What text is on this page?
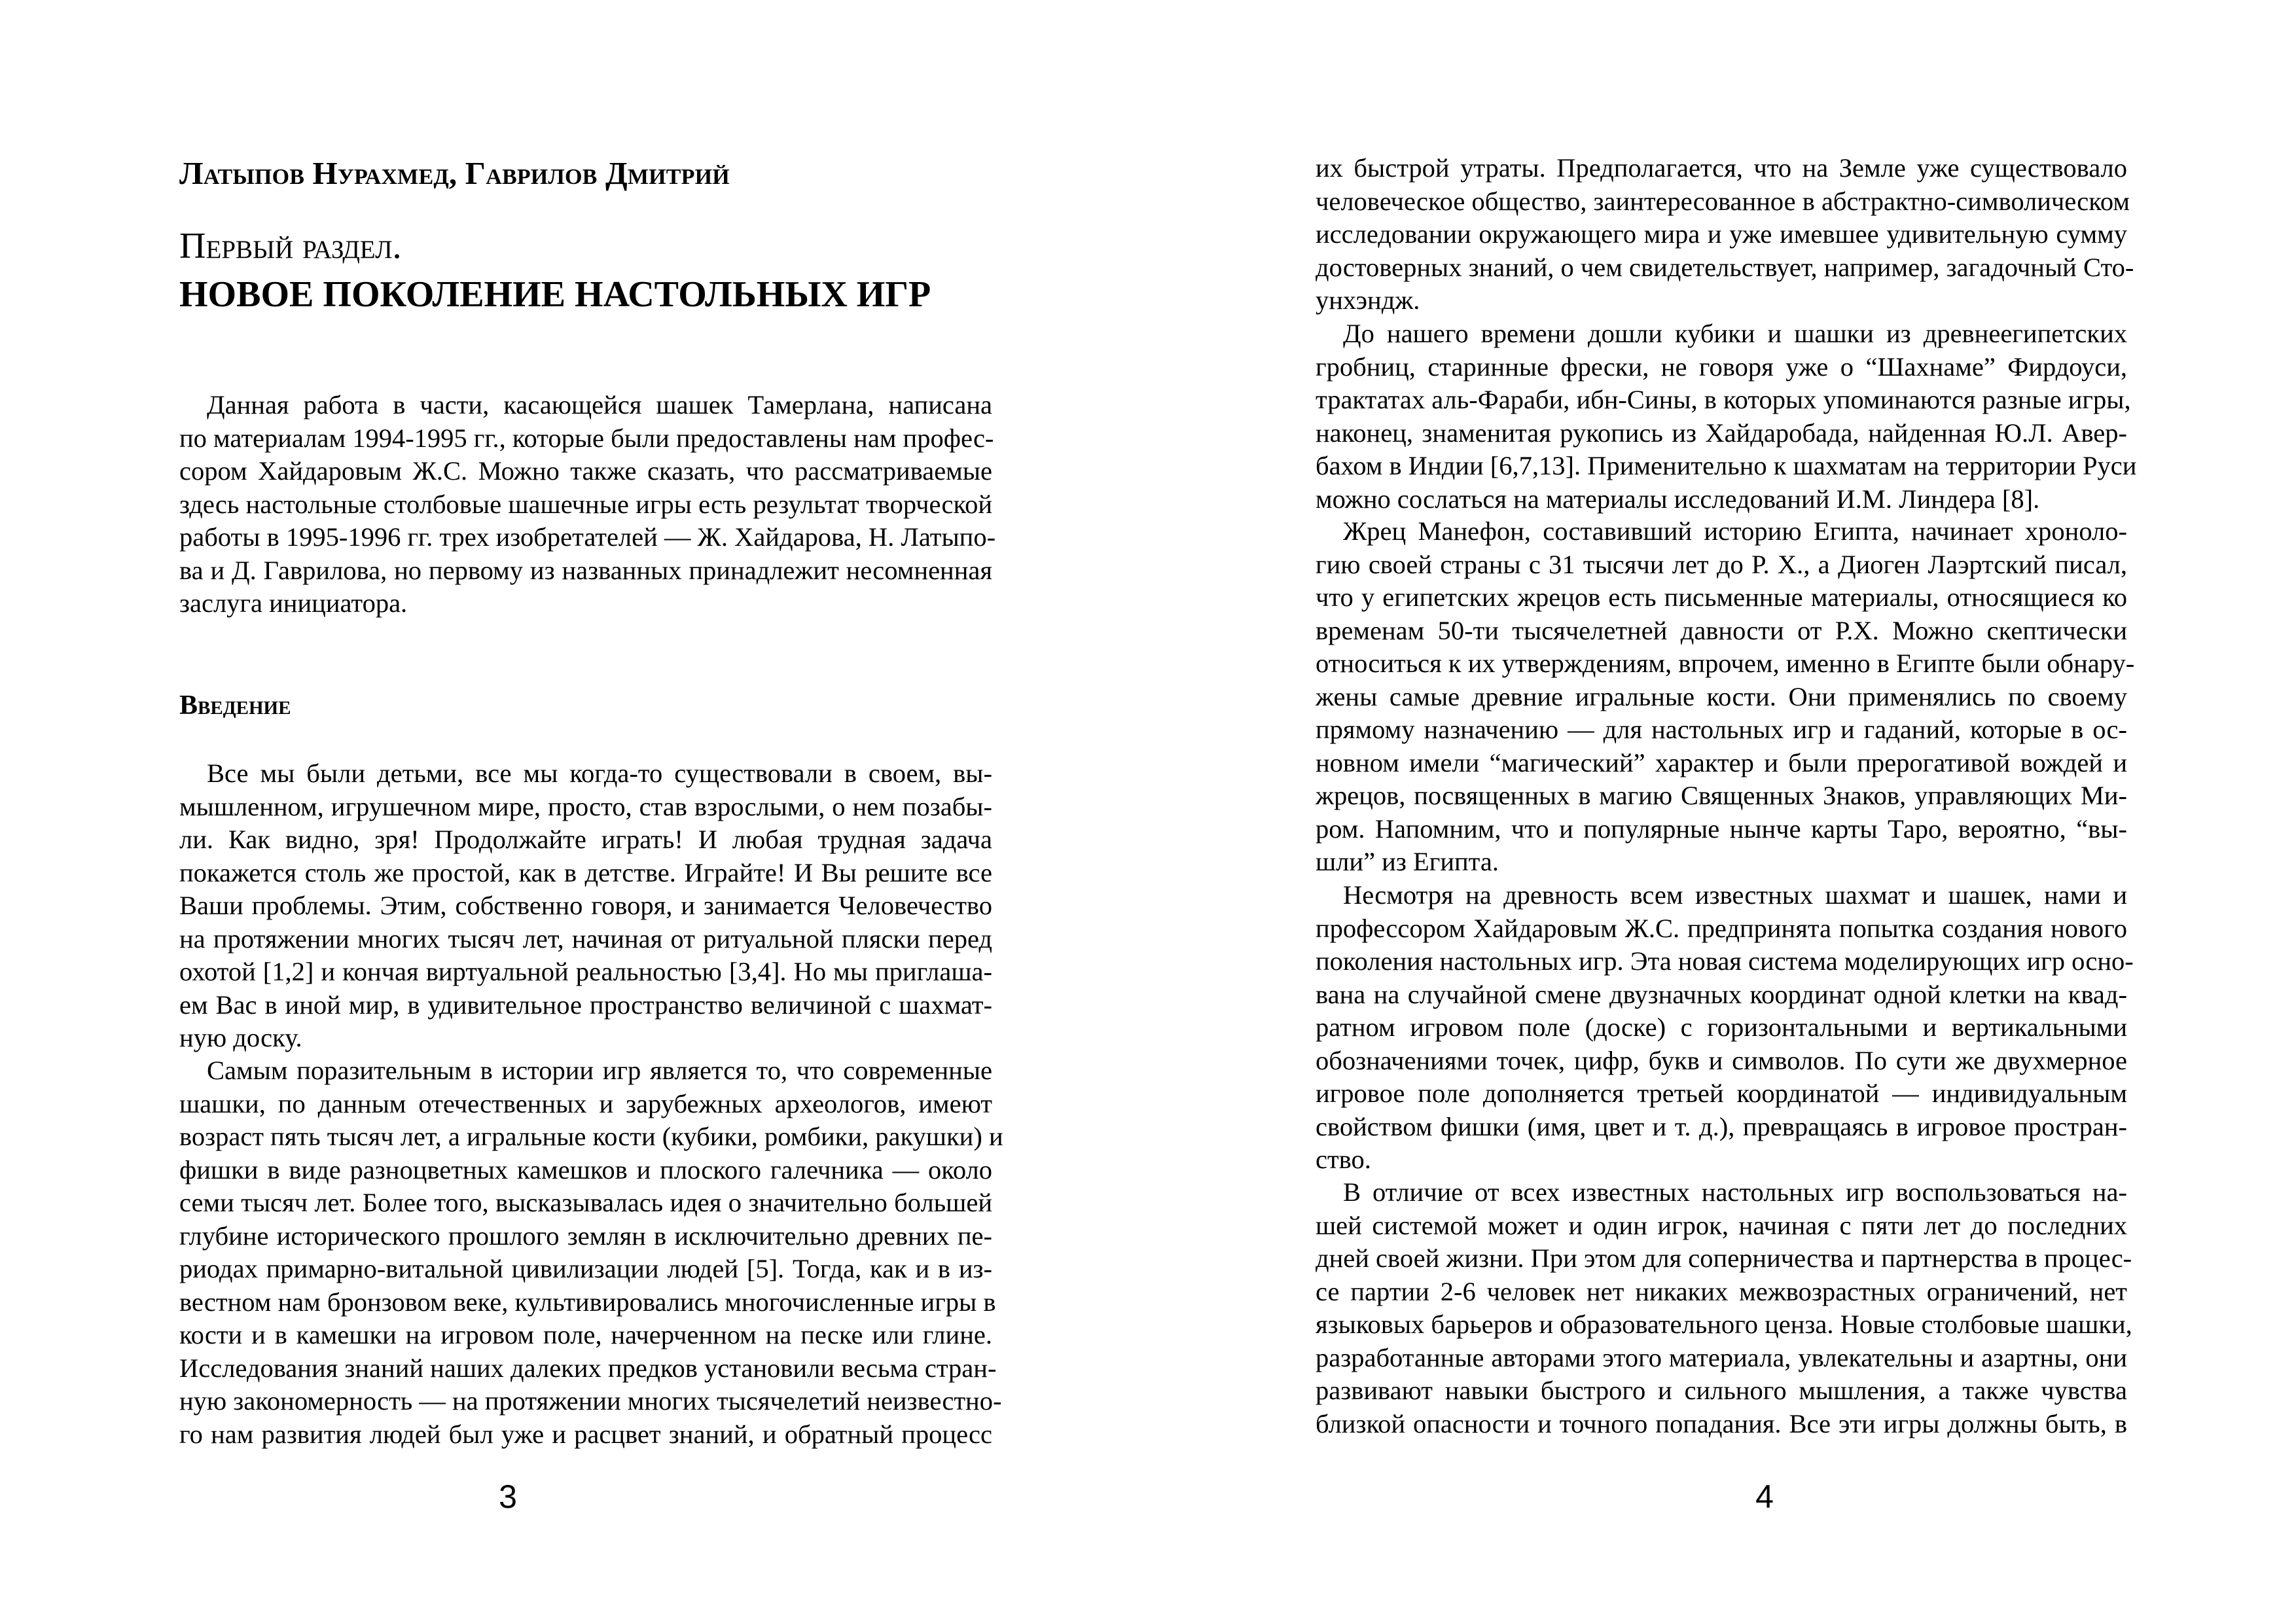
Латыпов Нурахмед, Гаврилов Дмитрий
Первый раздел.
НОВОЕ ПОКОЛЕНИЕ НАСТОЛЬНЫХ ИГР
Данная работа в части, касающейся шашек Тамерлана, написана
по материалам 1994-1995 гг., которые были предоставлены нам профес-
сором Хайдаровым Ж.С. Можно также сказать, что рассматриваемые
здесь настольные столбовые шашечные игры есть результат творческой
работы в 1995-1996 гг. трех изобретателей — Ж. Хайдарова, Н. Латыпо-
ва и Д. Гаврилова, но первому из названных принадлежит несомненная
заслуга инициатора.
Введение
Все мы были детьми, все мы когда-то существовали в своем, вы-
мышленном, игрушечном мире, просто, став взрослыми, о нем позабы-
ли. Как видно, зря! Продолжайте играть! И любая трудная задача
покажется столь же простой, как в детстве. Играйте! И Вы решите все
Ваши проблемы. Этим, собственно говоря, и занимается Человечество
на протяжении многих тысяч лет, начиная от ритуальной пляски перед
охотой [1,2] и кончая виртуальной реальностью [3,4]. Но мы приглаша-
ем Вас в иной мир, в удивительное пространство величиной с шахмат-
ную доску.
Самым поразительным в истории игр является то, что современные
шашки, по данным отечественных и зарубежных археологов, имеют
возраст пять тысяч лет, а игральные кости (кубики, ромбики, ракушки) и
фишки в виде разноцветных камешков и плоского галечника — около
семи тысяч лет. Более того, высказывалась идея о значительно большей
глубине исторического прошлого землян в исключительно древних пе-
риодах примарно-витальной цивилизации людей [5]. Тогда, как и в из-
вестном нам бронзовом веке, культивировались многочисленные игры в
кости и в камешки на игровом поле, начерченном на песке или глине.
Исследования знаний наших далеких предков установили весьма стран-
ную закономерность — на протяжении многих тысячелетий неизвестно-
го нам развития людей был уже и расцвет знаний, и обратный процесс
3
их быстрой утраты. Предполагается, что на Земле уже существовало
человеческое общество, заинтересованное в абстрактно-символическом
исследовании окружающего мира и уже имевшее удивительную сумму
достоверных знаний, о чем свидетельствует, например, загадочный Сто-
унхэндж.
До нашего времени дошли кубики и шашки из древнеегипетских
гробниц, старинные фрески, не говоря уже о “Шахнаме” Фирдоуси,
трактатах аль-Фараби, ибн-Сины, в которых упоминаются разные игры,
наконец, знаменитая рукопись из Хайдаробада, найденная Ю.Л. Авер-
бахом в Индии [6,7,13]. Применительно к шахматам на территории Руси
можно сослаться на материалы исследований И.М. Линдера [8].
Жрец Манефон, составивший историю Египта, начинает хроноло-
гию своей страны с 31 тысячи лет до Р. Х., а Диоген Лаэртский писал,
что у египетских жрецов есть письменные материалы, относящиеся ко
временам 50-ти тысячелетней давности от Р.Х. Можно скептически
относиться к их утверждениям, впрочем, именно в Египте были обнару-
жены самые древние игральные кости. Они применялись по своему
прямому назначению — для настольных игр и гаданий, которые в ос-
новном имели “магический” характер и были прерогативой вождей и
жрецов, посвященных в магию Священных Знаков, управляющих Ми-
ром. Напомним, что и популярные нынче карты Таро, вероятно, “вы-
шли” из Египта.
Несмотря на древность всем известных шахмат и шашек, нами и
профессором Хайдаровым Ж.С. предпринята попытка создания нового
поколения настольных игр. Эта новая система моделирующих игр осно-
вана на случайной смене двузначных координат одной клетки на квад-
ратном игровом поле (доске) с горизонтальными и вертикальными
обозначениями точек, цифр, букв и символов. По сути же двухмерное
игровое поле дополняется третьей координатой — индивидуальным
свойством фишки (имя, цвет и т. д.), превращаясь в игровое простран-
ство.
В отличие от всех известных настольных игр воспользоваться на-
шей системой может и один игрок, начиная с пяти лет до последних
дней своей жизни. При этом для соперничества и партнерства в процес-
се партии 2-6 человек нет никаких межвозрастных ограничений, нет
языковых барьеров и образовательного ценза. Новые столбовые шашки,
разработанные авторами этого материала, увлекательны и азартны, они
развивают навыки быстрого и сильного мышления, а также чувства
близкой опасности и точного попадания. Все эти игры должны быть, в
4
